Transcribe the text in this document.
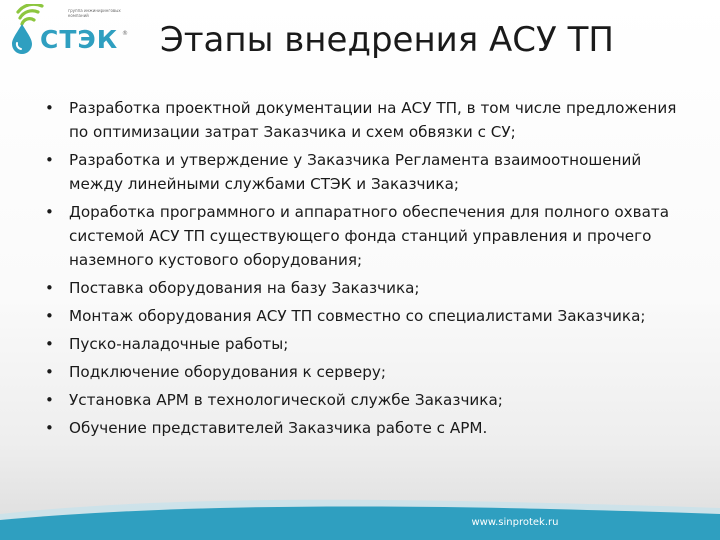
группа инжиниринговых компаний
СТЭК ® Этапы внедрения АСУ ТП
• Разработка проектной документации на АСУ ТП, в том числе предложения по оптимизации затрат Заказчика и схем обвязки с СУ;
• Разработка и утверждение у Заказчика Регламента взаимоотношений между линейными службами СТЭК и Заказчика;
• Доработка программного и аппаратного обеспечения для полного охвата системой АСУ ТП существующего фонда станций управления и прочего наземного кустового оборудования;
• Поставка оборудования на базу Заказчика;
• Монтаж оборудования АСУ ТП совместно со специалистами Заказчика;
• Пуско-наладочные работы;
• Подключение оборудования к серверу;
• Установка АРМ в технологической службе Заказчика;
• Обучение представителей Заказчика работе с АРМ.
www.sinprotek.ru
